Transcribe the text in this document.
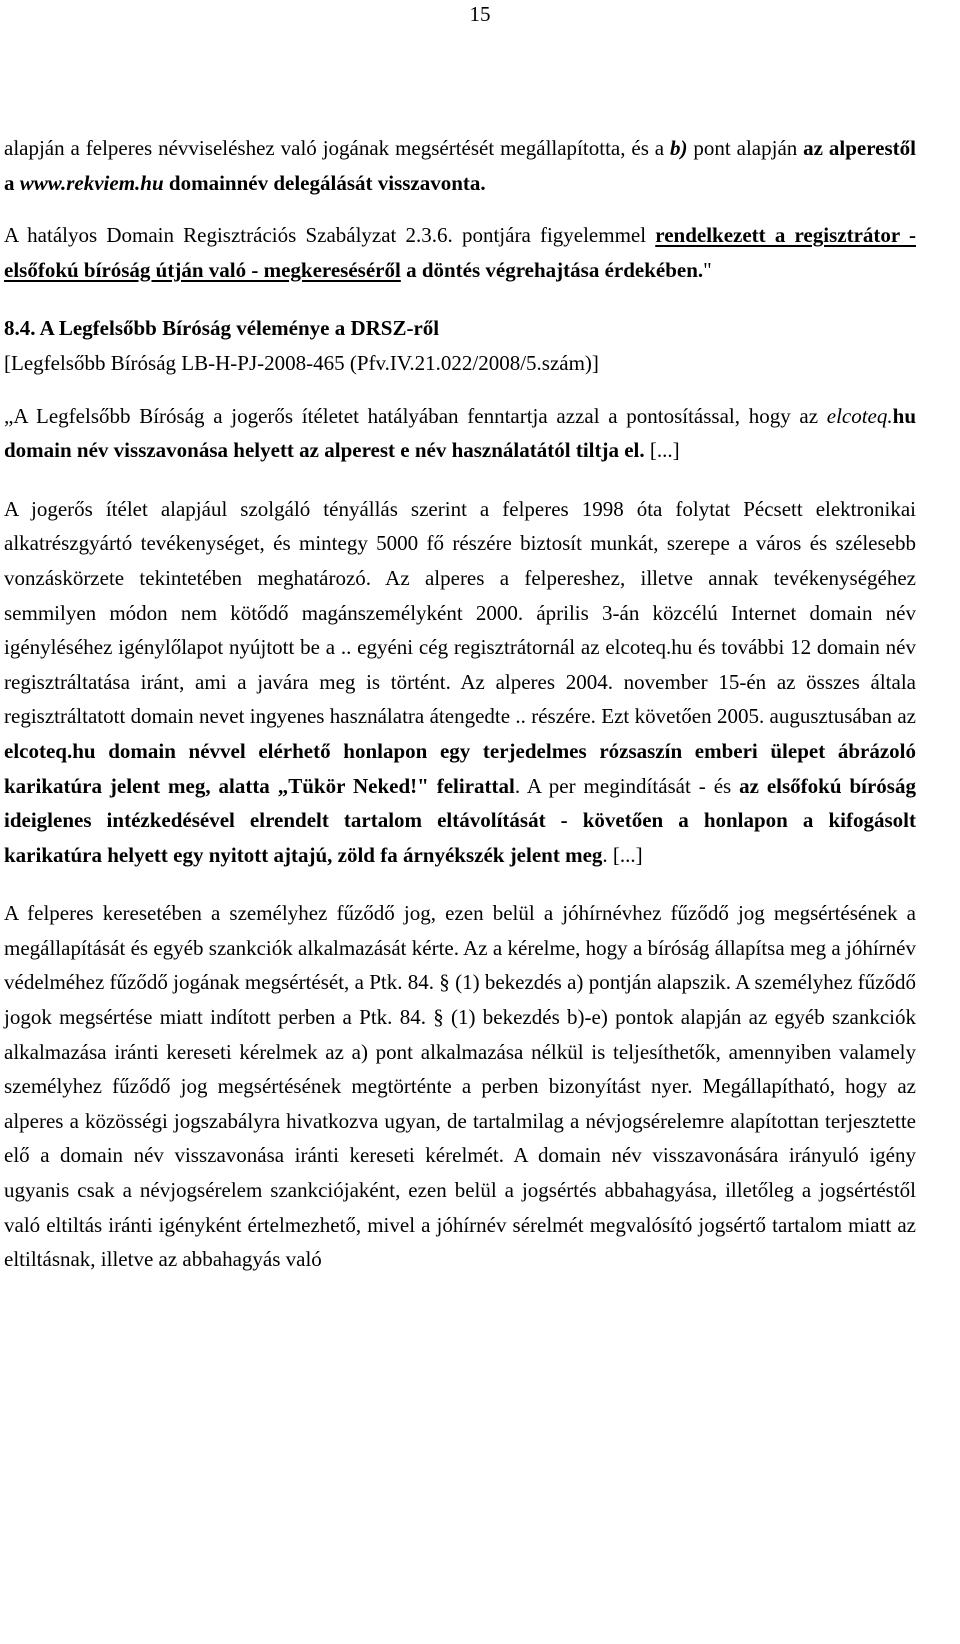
15

alapján a felperes névviseléshez való jogának megsértését megállapította, és a b) pont alapján az alperestől a www.rekviem.hu domainnév delegálását visszavonta.

A hatályos Domain Regisztrációs Szabályzat 2.3.6. pontjára figyelemmel rendelkezett a regisztrátor - elsőfokú bíróság útján való - megkereséséről a döntés végrehajtása érdekében."

8.4. A Legfelsőbb Bíróság véleménye a DRSZ-ről

[Legfelsőbb Bíróság LB-H-PJ-2008-465 (Pfv.IV.21.022/2008/5.szám)]

„A Legfelsőbb Bíróság a jogerős ítéletet hatályában fenntartja azzal a pontosítással, hogy az elcoteq.hu domain név visszavonása helyett az alperest e név használatától tiltja el. [...]

A jogerős ítélet alapjául szolgáló tényállás szerint a felperes 1998 óta folytat Pécsett elektronikai alkatrészgyártó tevékenységet, és mintegy 5000 fő részére biztosít munkát, szerepe a város és szélesebb vonzáskörzete tekintetében meghatározó. Az alperes a felpereshez, illetve annak tevékenységéhez semmilyen módon nem kötődő magánszemélyként 2000. április 3-án közcélú Internet domain név igényléséhez igénylőlapot nyújtott be a .. egyéni cég regisztrátornál az elcoteq.hu és további 12 domain név regisztráltatása iránt, ami a javára meg is történt. Az alperes 2004. november 15-én az összes általa regisztráltatott domain nevet ingyenes használatra átengedte .. részére. Ezt követően 2005. augusztusában az elcoteq.hu domain névvel elérhető honlapon egy terjedelmes rózsaszín emberi ülepet ábrázoló karikatúra jelent meg, alatta „Tükör Neked!" felirattal. A per megindítását - és az elsőfokú bíróság ideiglenes intézkedésével elrendelt tartalom eltávolítását - követően a honlapon a kifogásolt karikatúra helyett egy nyitott ajtajú, zöld fa árnyékszék jelent meg. [...]

A felperes keresetében a személyhez fűződő jog, ezen belül a jóhírnévhez fűződő jog megsértésének a megállapítását és egyéb szankciók alkalmazását kérte. Az a kérelme, hogy a bíróság állapítsa meg a jóhírnév védelméhez fűződő jogának megsértését, a Ptk. 84. § (1) bekezdés a) pontján alapszik. A személyhez fűződő jogok megsértése miatt indított perben a Ptk. 84. § (1) bekezdés b)-e) pontok alapján az egyéb szankciók alkalmazása iránti kereseti kérelmek az a) pont alkalmazása nélkül is teljesíthetők, amennyiben valamely személyhez fűződő jog megsértésének megtörténte a perben bizonyítást nyer. Megállapítható, hogy az alperes a közösségi jogszabályra hivatkozva ugyan, de tartalmilag a névjogsérelemre alapítottan terjesztette elő a domain név visszavonása iránti kereseti kérelmét. A domain név visszavonására irányuló igény ugyanis csak a névjogsérelem szankciójaként, ezen belül a jogsértés abbahagyása, illetőleg a jogsértéstől való eltiltás iránti igényként értelmezhető, mivel a jóhírnév sérelmét megvalósító jogsértő tartalom miatt az eltiltásnak, illetve az abbahagyás való
